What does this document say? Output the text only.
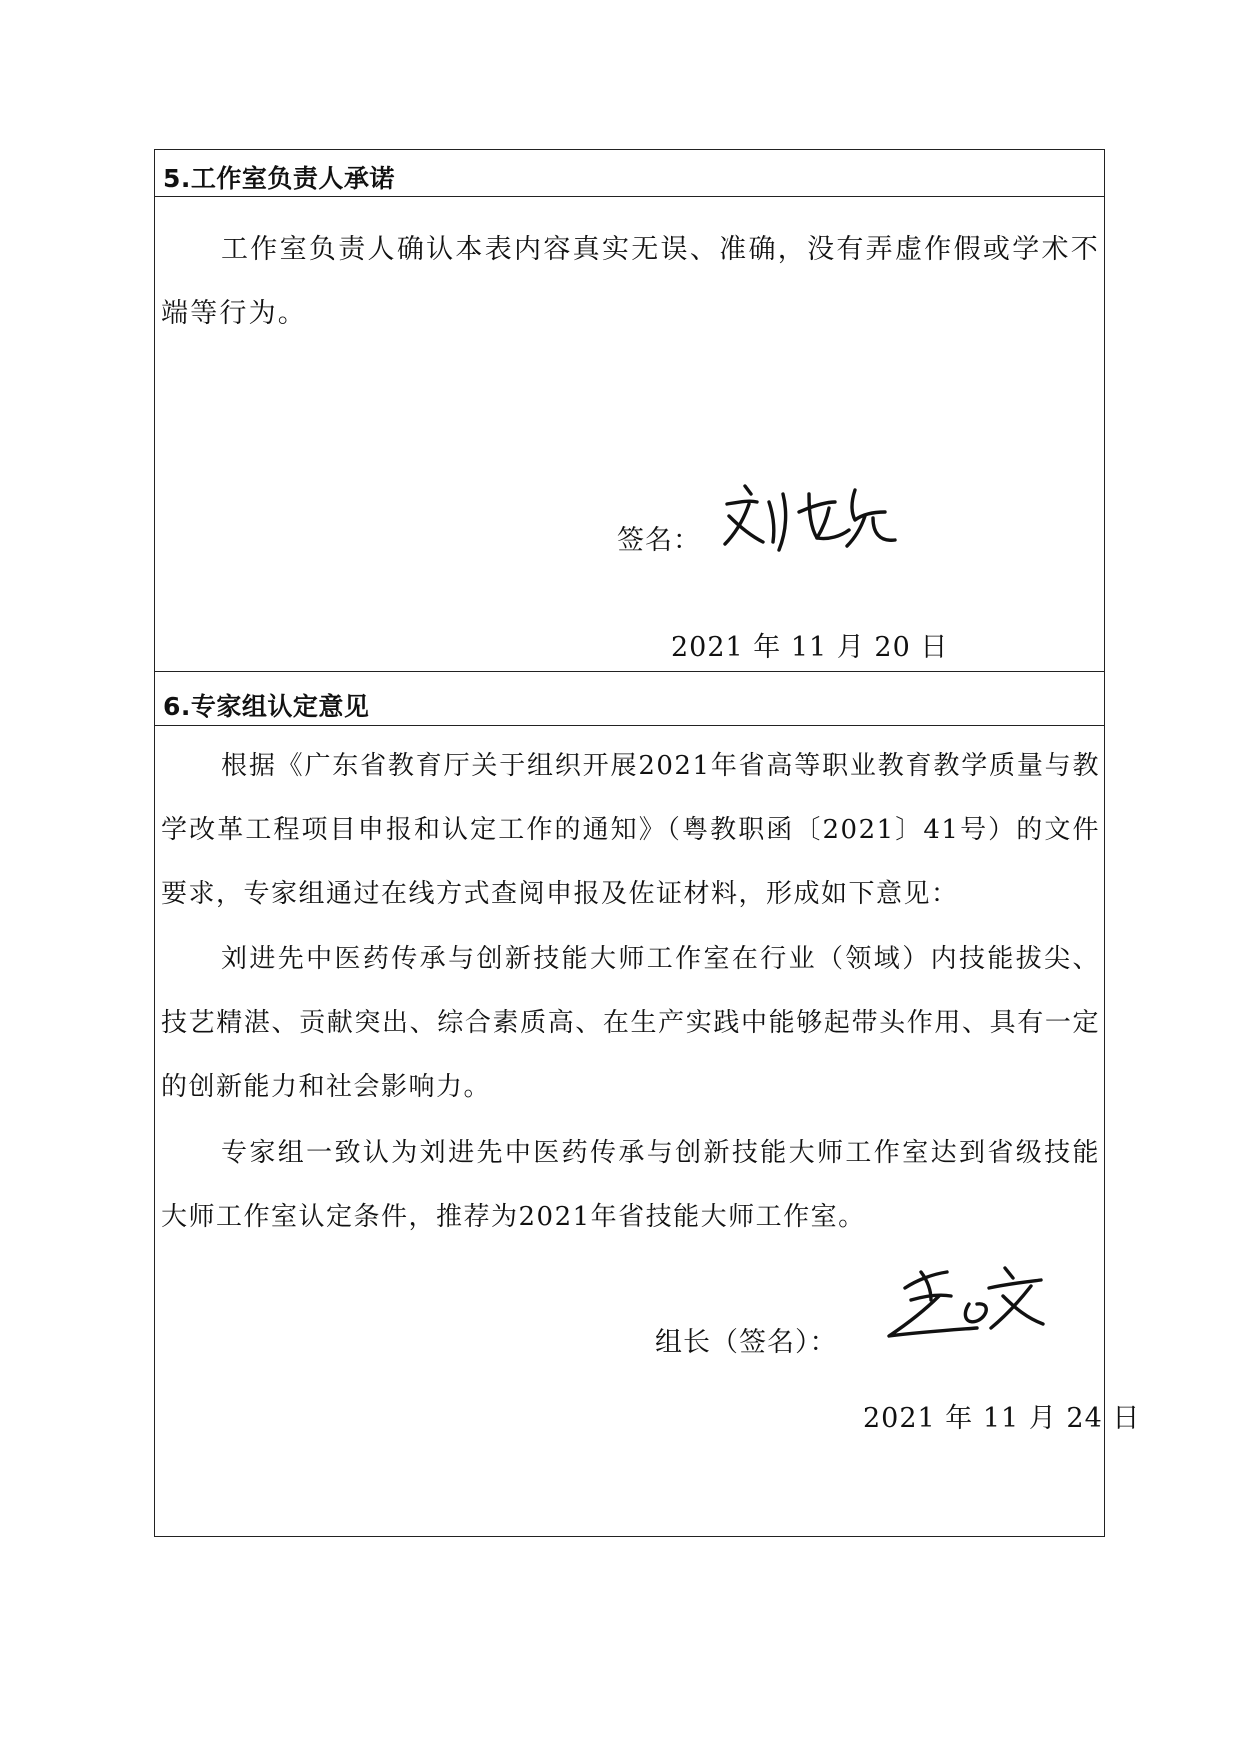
5.工作室负责人承诺

工作室负责人确认本表内容真实无误、准确，没有弄虚作假或学术不端等行为。

签名：
2021 年 11 月 20 日
6.专家组认定意见

根据《广东省教育厅关于组织开展2021年省高等职业教育教学质量与教学改革工程项目申报和认定工作的通知》（粤教职函〔2021〕41号）的文件要求，专家组通过在线方式查阅申报及佐证材料，形成如下意见：

刘进先中医药传承与创新技能大师工作室在行业（领域）内技能拔尖、技艺精湛、贡献突出、综合素质高、在生产实践中能够起带头作用、具有一定的创新能力和社会影响力。

专家组一致认为刘进先中医药传承与创新技能大师工作室达到省级技能大师工作室认定条件，推荐为2021年省技能大师工作室。

组长（签名）：
2021 年 11 月 24 日
